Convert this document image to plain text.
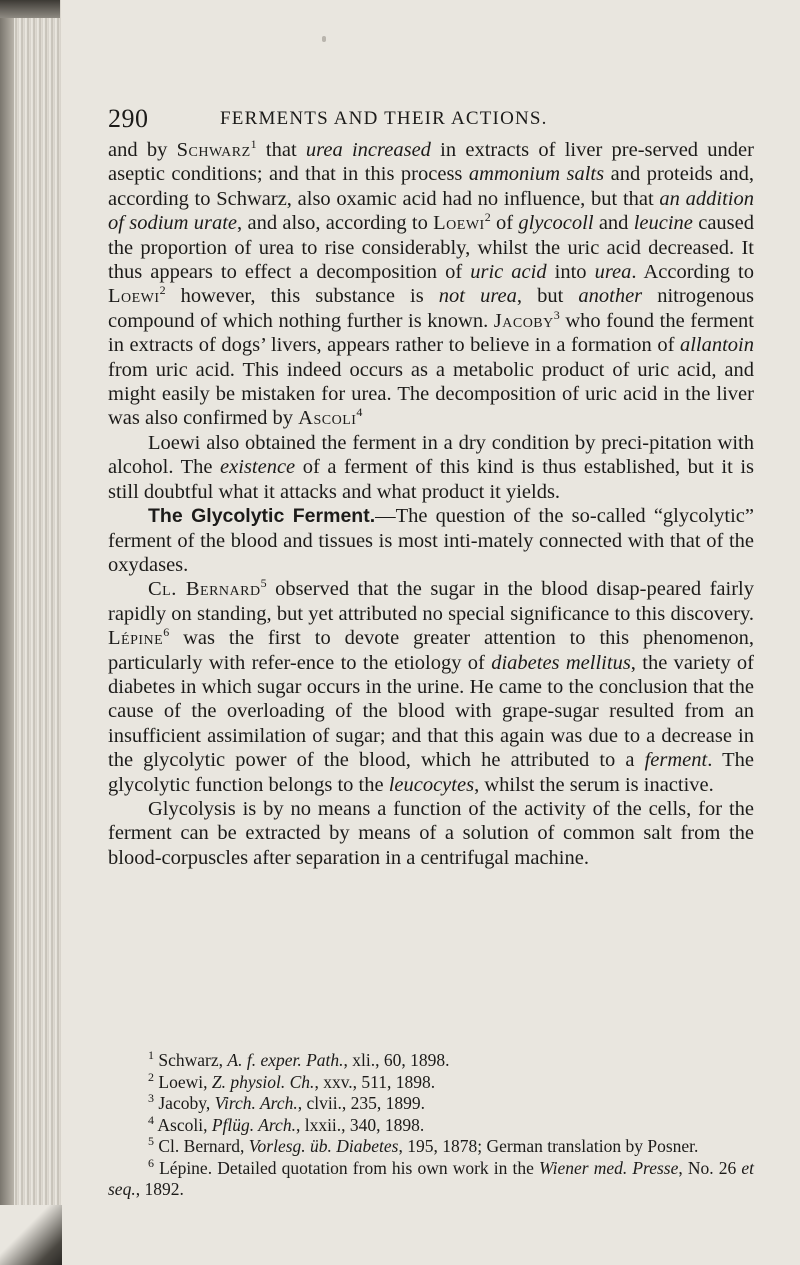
290	FERMENTS AND THEIR ACTIONS.

and by Schwarz$^1$ that urea increased in extracts of liver pre-served under aseptic conditions; and that in this process ammonium salts and proteids and, according to Schwarz, also oxamic acid had no influence, but that an addition of sodium urate, and also, according to Loewi$^2$ of glycocoll and leucine caused the proportion of urea to rise considerably, whilst the uric acid decreased. It thus appears to effect a decomposition of uric acid into urea. According to Loewi$^2$ however, this substance is not urea, but another nitrogenous compound of which nothing further is known. Jacoby$^3$ who found the ferment in extracts of dogs’ livers, appears rather to believe in a formation of allantoin from uric acid. This indeed occurs as a metabolic product of uric acid, and might easily be mistaken for urea. The decomposition of uric acid in the liver was also confirmed by Ascoli$^4$

Loewi also obtained the ferment in a dry condition by preci-pitation with alcohol. The existence of a ferment of this kind is thus established, but it is still doubtful what it attacks and what product it yields.

The Glycolytic Ferment.—The question of the so-called “glycolytic” ferment of the blood and tissues is most inti-mately connected with that of the oxydases.

Cl. Bernard$^5$ observed that the sugar in the blood disap-peared fairly rapidly on standing, but yet attributed no special significance to this discovery. Lépine$^6$ was the first to devote greater attention to this phenomenon, particularly with refer-ence to the etiology of diabetes mellitus, the variety of diabetes in which sugar occurs in the urine. He came to the conclusion that the cause of the overloading of the blood with grape-sugar resulted from an insufficient assimilation of sugar; and that this again was due to a decrease in the glycolytic power of the blood, which he attributed to a ferment. The glycolytic function belongs to the leucocytes, whilst the serum is inactive.

Glycolysis is by no means a function of the activity of the cells, for the ferment can be extracted by means of a solution of common salt from the blood-corpuscles after separation in a centrifugal machine.

$^1$ Schwarz, A. f. exper. Path., xli., 60, 1898.

$^2$ Loewi, Z. physiol. Ch., xxv., 511, 1898.

$^3$ Jacoby, Virch. Arch., clvii., 235, 1899.

$^4$ Ascoli, Pflüg. Arch., lxxii., 340, 1898.

$^5$ Cl. Bernard, Vorlesg. üb. Diabetes, 195, 1878; German translation by Posner.

$^6$ Lépine. Detailed quotation from his own work in the Wiener med. Presse, No. 26 et seq., 1892.
